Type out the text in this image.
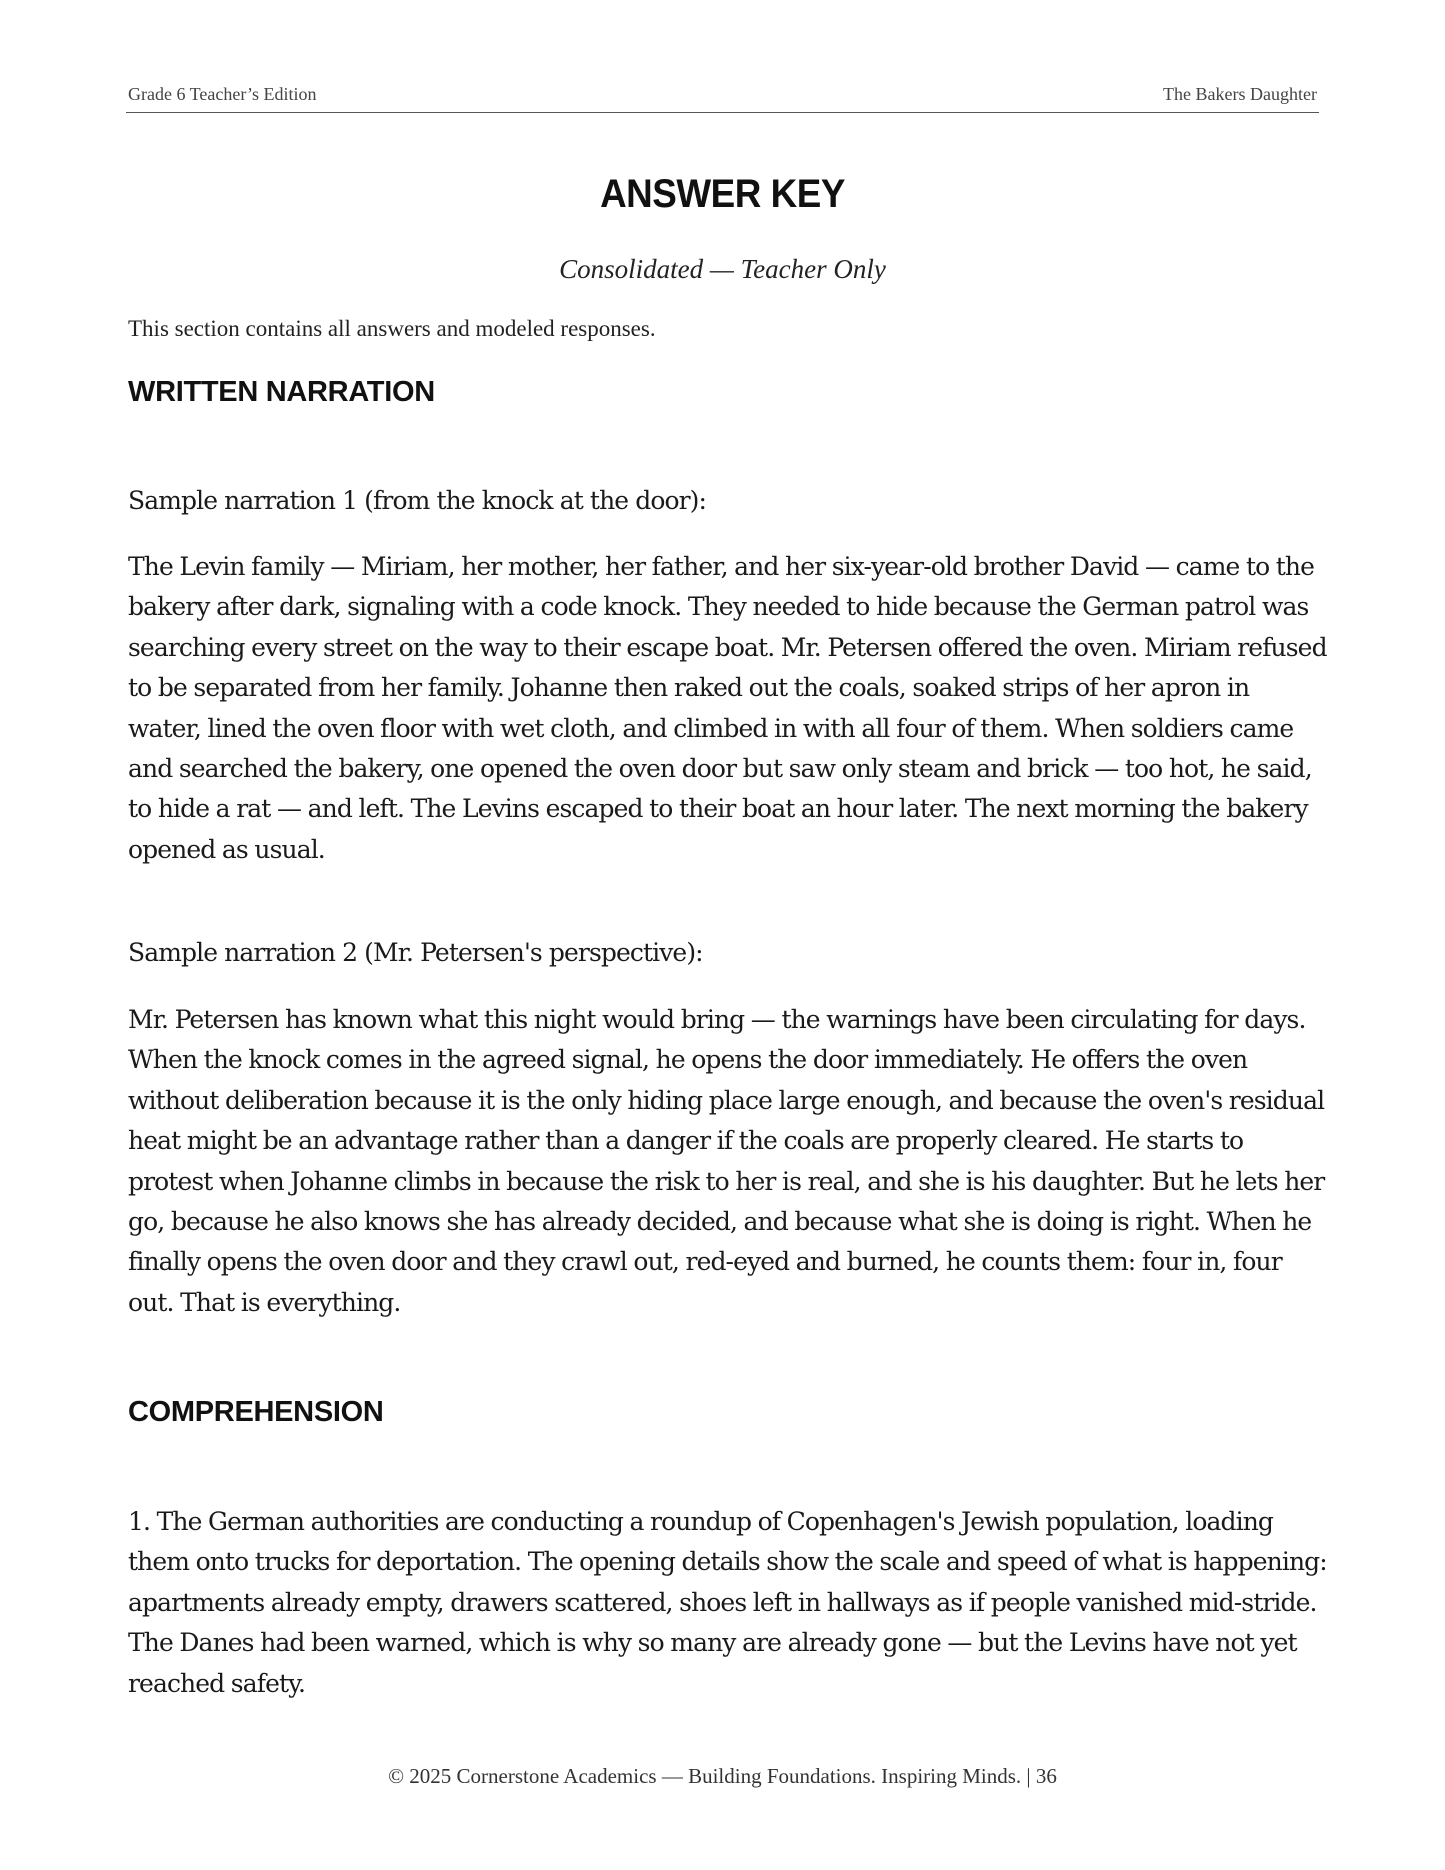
Grade 6 Teacher’s Edition	The Bakers Daughter
ANSWER KEY
Consolidated — Teacher Only
This section contains all answers and modeled responses.
WRITTEN NARRATION
Sample narration 1 (from the knock at the door):
The Levin family — Miriam, her mother, her father, and her six-year-old brother David — came to the bakery after dark, signaling with a code knock. They needed to hide because the German patrol was searching every street on the way to their escape boat. Mr. Petersen offered the oven. Miriam refused to be separated from her family. Johanne then raked out the coals, soaked strips of her apron in water, lined the oven floor with wet cloth, and climbed in with all four of them. When soldiers came and searched the bakery, one opened the oven door but saw only steam and brick — too hot, he said, to hide a rat — and left. The Levins escaped to their boat an hour later. The next morning the bakery opened as usual.
Sample narration 2 (Mr. Petersen's perspective):
Mr. Petersen has known what this night would bring — the warnings have been circulating for days. When the knock comes in the agreed signal, he opens the door immediately. He offers the oven without deliberation because it is the only hiding place large enough, and because the oven's residual heat might be an advantage rather than a danger if the coals are properly cleared. He starts to protest when Johanne climbs in because the risk to her is real, and she is his daughter. But he lets her go, because he also knows she has already decided, and because what she is doing is right. When he finally opens the oven door and they crawl out, red-eyed and burned, he counts them: four in, four out. That is everything.
COMPREHENSION
1. The German authorities are conducting a roundup of Copenhagen's Jewish population, loading them onto trucks for deportation. The opening details show the scale and speed of what is happening: apartments already empty, drawers scattered, shoes left in hallways as if people vanished mid-stride. The Danes had been warned, which is why so many are already gone — but the Levins have not yet reached safety.
© 2025 Cornerstone Academics — Building Foundations. Inspiring Minds. | 36
